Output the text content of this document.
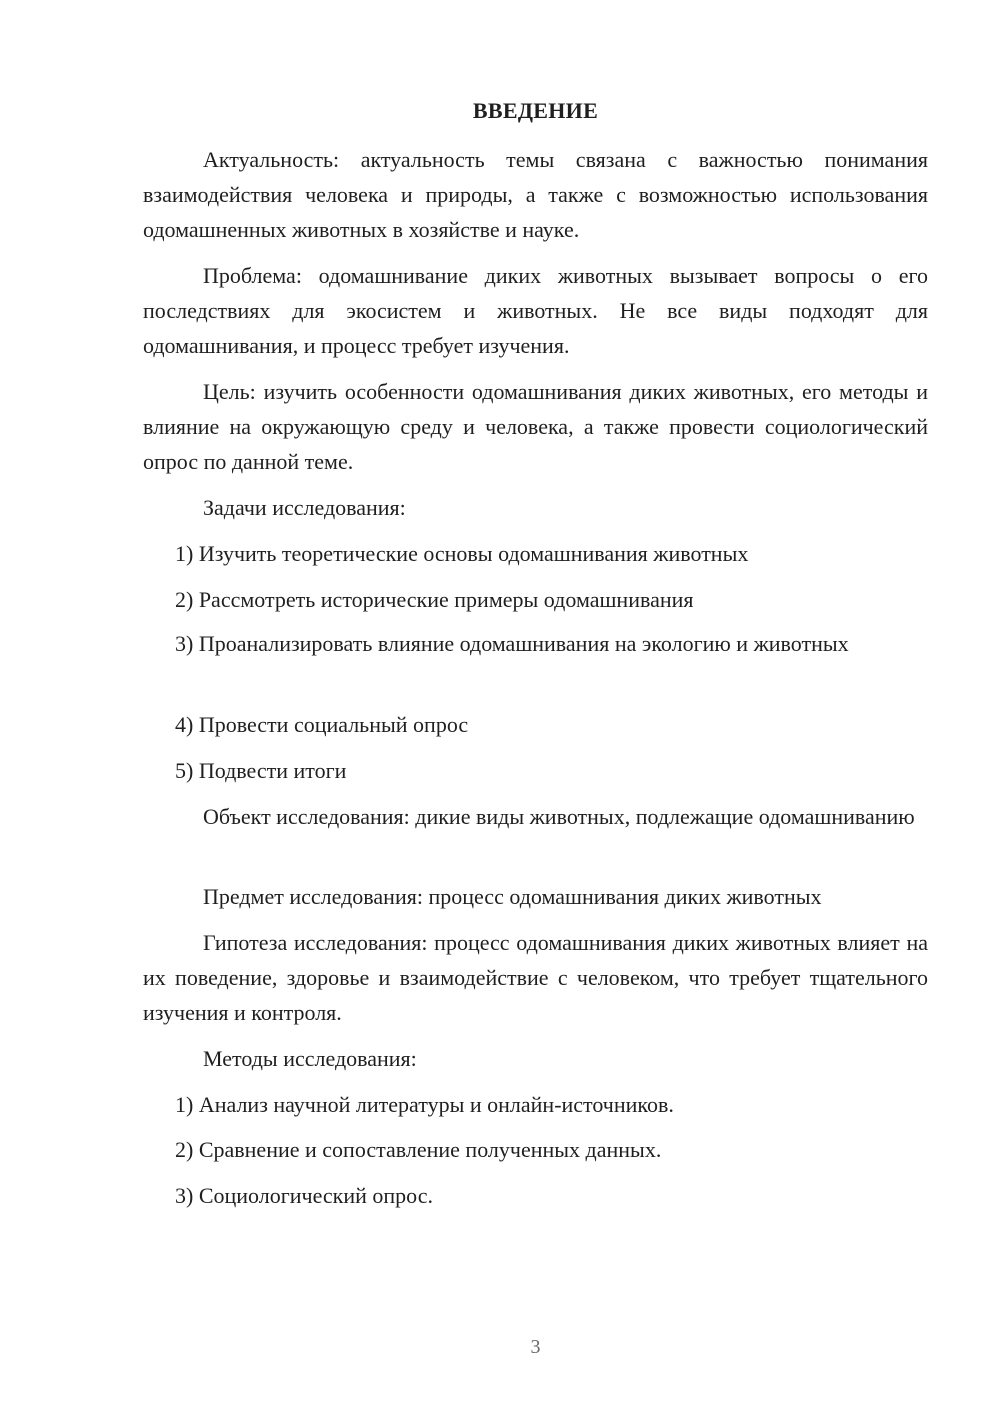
ВВЕДЕНИЕ

Актуальность: актуальность темы связана с важностью понимания взаимодействия человека и природы, а также с возможностью использования одомашненных животных в хозяйстве и науке.

Проблема: одомашнивание диких животных вызывает вопросы о его последствиях для экосистем и животных. Не все виды подходят для одомашнивания, и процесс требует изучения.

Цель: изучить особенности одомашнивания диких животных, его методы и влияние на окружающую среду и человека, а также провести социологический опрос по данной теме.

Задачи исследования:

1) Изучить теоретические основы одомашнивания животных

2) Рассмотреть исторические примеры одомашнивания

3) Проанализировать влияние одомашнивания на экологию и животных

4) Провести социальный опрос

5) Подвести итоги

Объект исследования: дикие виды животных, подлежащие одомашниванию

Предмет исследования: процесс одомашнивания диких животных

Гипотеза исследования: процесс одомашнивания диких животных влияет на их поведение, здоровье и взаимодействие с человеком, что требует тщательного изучения и контроля.

Методы исследования:

1) Анализ научной литературы и онлайн-источников.

2) Сравнение и сопоставление полученных данных.

3) Социологический опрос.

3
